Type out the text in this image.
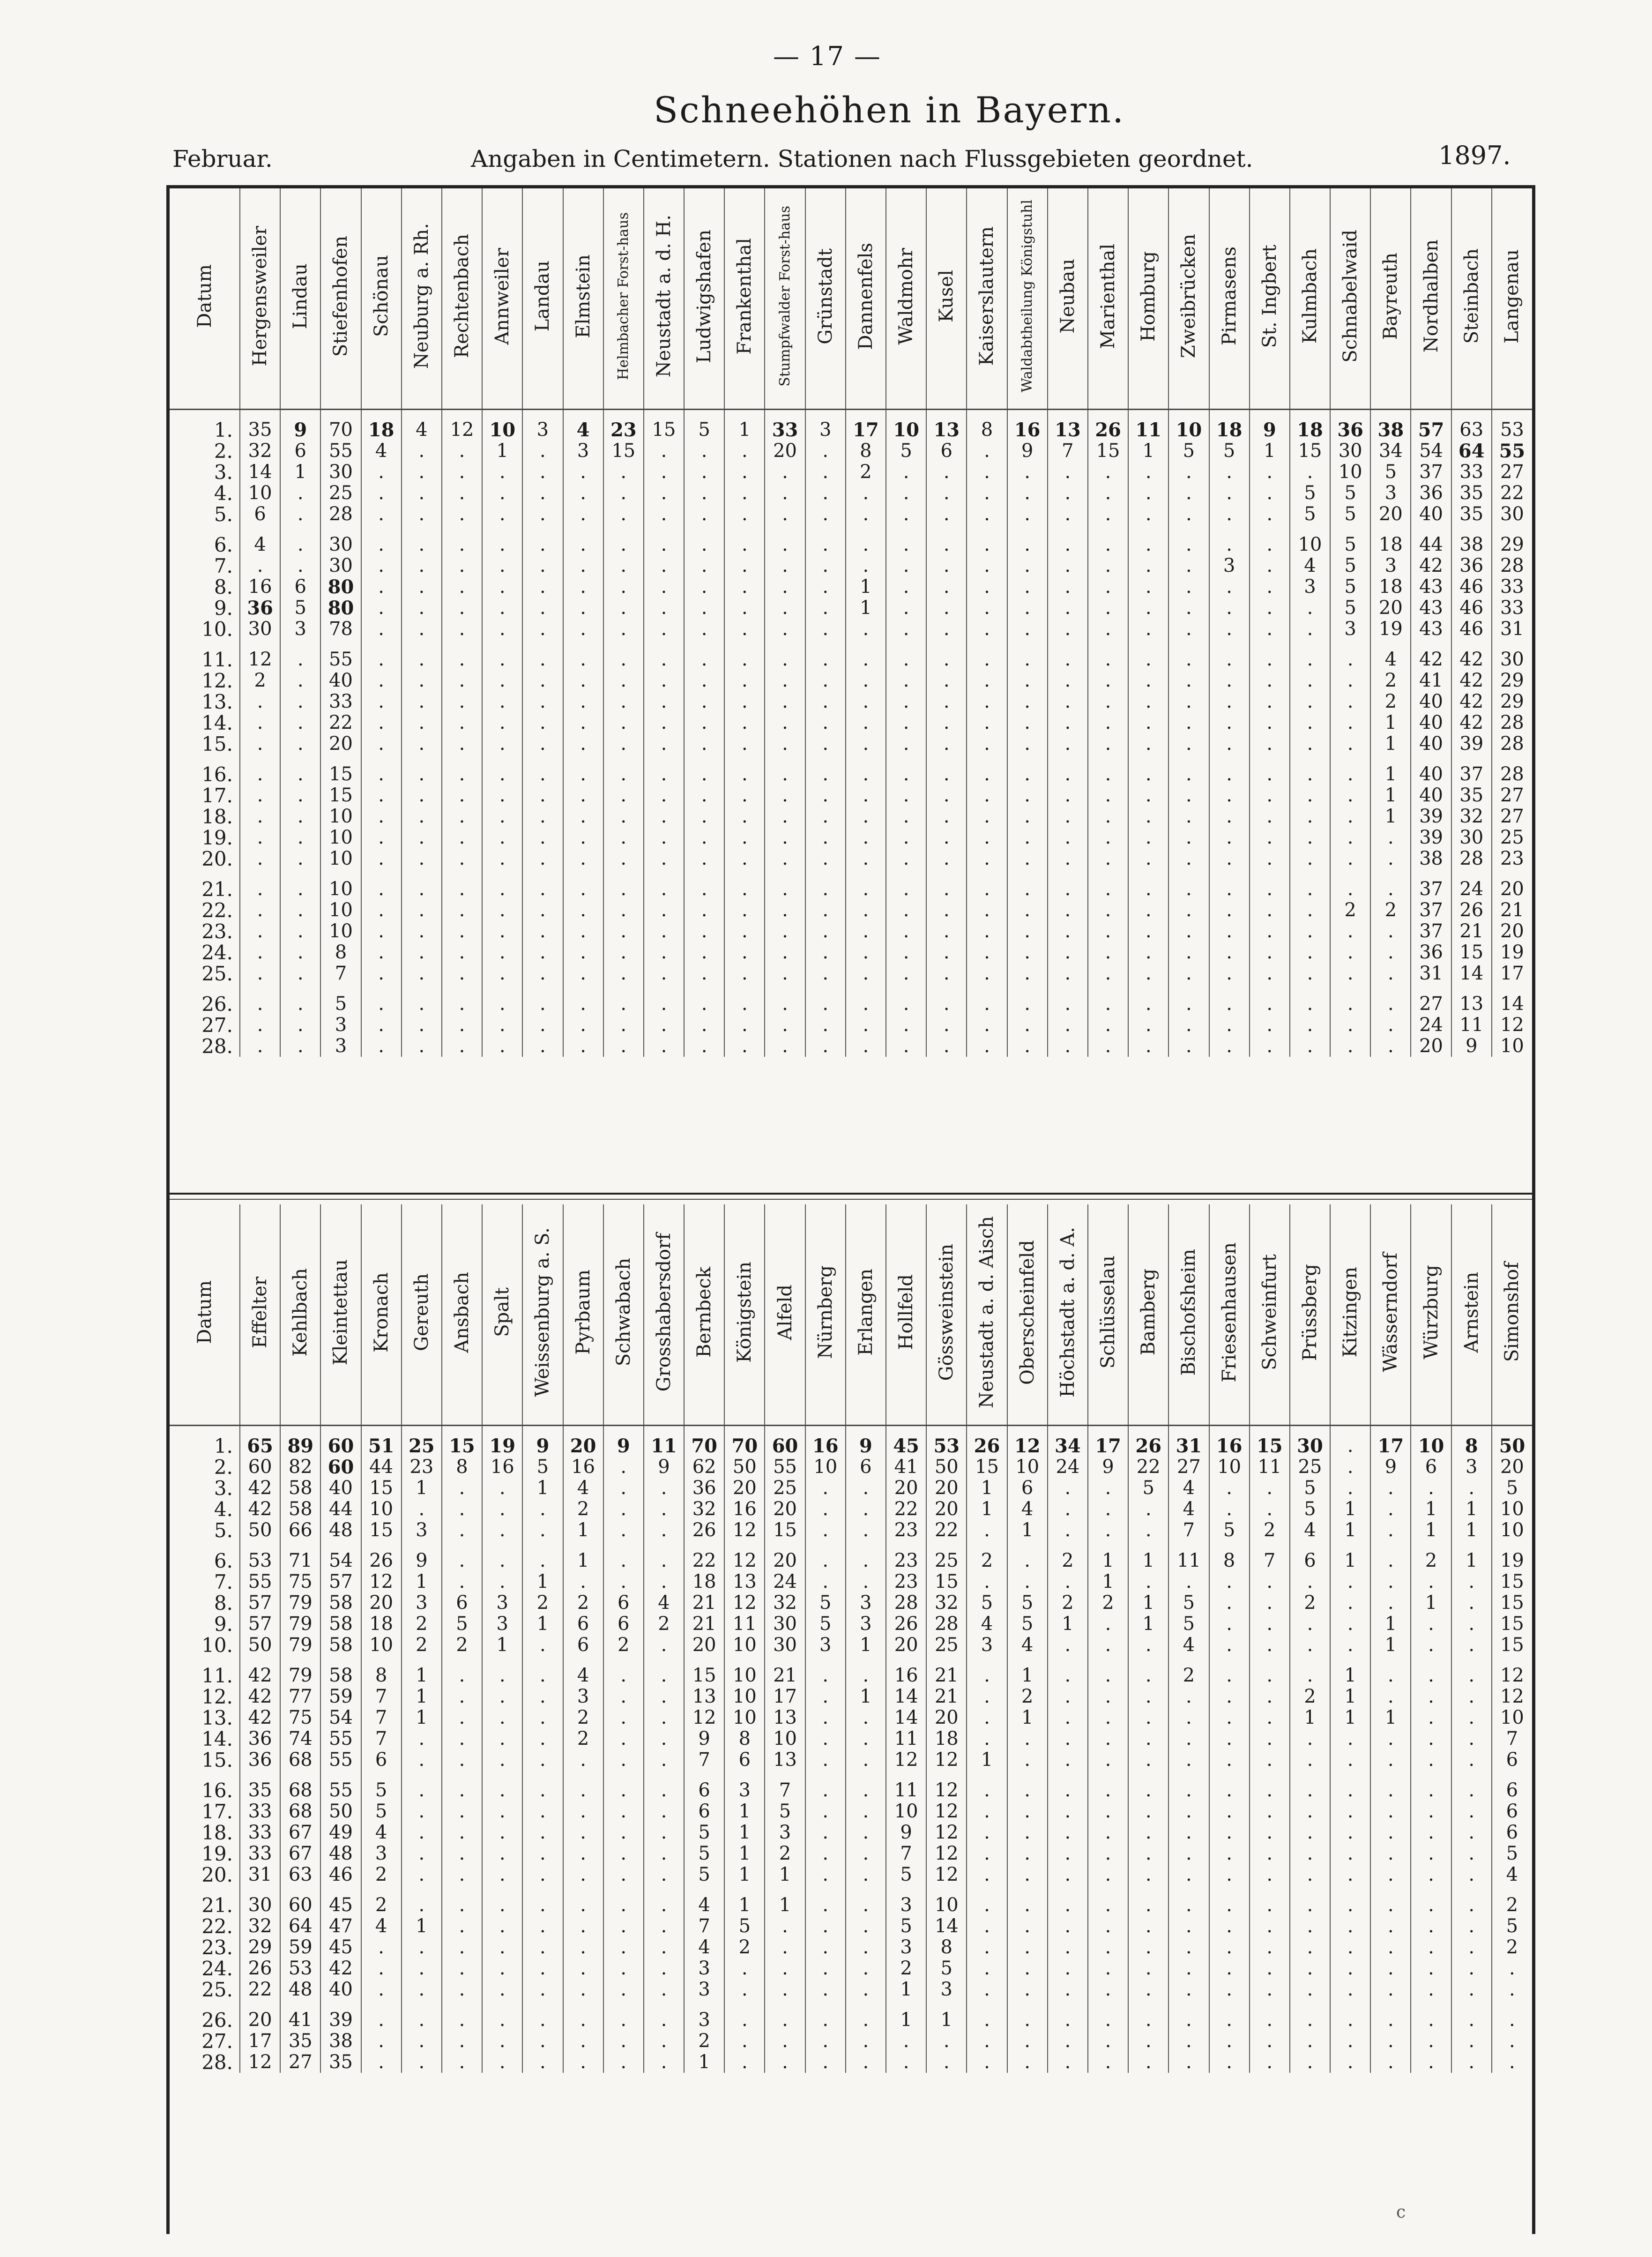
— 17 —
Schneehöhen in Bayern.
Februar.	Angaben in Centimetern. Stationen nach Flussgebieten geordnet.	1897.
Datum	Hergensweiler	Lindau	Stiefenhofen	Schönau	Neuburg a. Rh.	Rechtenbach	Annweiler	Landau	Elmstein	Helmbacher Forst-haus	Neustadt a. d. H.	Ludwigshafen	Frankenthal	Stumpfwalder Forst-haus	Grünstadt	Dannenfels	Waldmohr	Kusel	Kaiserslautern	Waldabtheilung Königstuhl	Neubau	Marienthal	Homburg	Zweibrücken	Pirmasens	St. Ingbert	Kulmbach	Schnabelwaid	Bayreuth	Nordhalben	Steinbach	Langenau

1.	35	9	70	18	4	12	10	3	4	23	15	5	1	33	3	17	10	13	8	16	13	26	11	10	18	9	18	36	38	57	63	53
2.	32	6	55	4	.	.	1	.	3	15	.	.	.	20	.	8	5	6	.	9	7	15	1	5	5	1	15	30	34	54	64	55
3.	14	1	30	.	.	.	.	.	.	.	.	.	.	.	.	2	.	.	.	.	.	.	.	.	.	.	.	10	5	37	33	27
4.	10	.	25	.	.	.	.	.	.	.	.	.	.	.	.	.	.	.	.	.	.	.	.	.	.	.	5	5	3	36	35	22
5.	6	.	28	.	.	.	.	.	.	.	.	.	.	.	.	.	.	.	.	.	.	.	.	.	.	.	5	5	20	40	35	30

6.	4	.	30	.	.	.	.	.	.	.	.	.	.	.	.	.	.	.	.	.	.	.	.	.	.	.	10	5	18	44	38	29
7.	.	.	30	.	.	.	.	.	.	.	.	.	.	.	.	.	.	.	.	.	.	.	.	.	3	.	4	5	3	42	36	28
8.	16	6	80	.	.	.	.	.	.	.	.	.	.	.	.	1	.	.	.	.	.	.	.	.	.	.	3	5	18	43	46	33
9.	36	5	80	.	.	.	.	.	.	.	.	.	.	.	.	1	.	.	.	.	.	.	.	.	.	.	.	5	20	43	46	33
10.	30	3	78	.	.	.	.	.	.	.	.	.	.	.	.	.	.	.	.	.	.	.	.	.	.	.	.	3	19	43	46	31

11.	12	.	55	.	.	.	.	.	.	.	.	.	.	.	.	.	.	.	.	.	.	.	.	.	.	.	.	.	4	42	42	30
12.	2	.	40	.	.	.	.	.	.	.	.	.	.	.	.	.	.	.	.	.	.	.	.	.	.	.	.	.	2	41	42	29
13.	.	.	33	.	.	.	.	.	.	.	.	.	.	.	.	.	.	.	.	.	.	.	.	.	.	.	.	.	2	40	42	29
14.	.	.	22	.	.	.	.	.	.	.	.	.	.	.	.	.	.	.	.	.	.	.	.	.	.	.	.	.	1	40	42	28
15.	.	.	20	.	.	.	.	.	.	.	.	.	.	.	.	.	.	.	.	.	.	.	.	.	.	.	.	.	1	40	39	28

16.	.	.	15	.	.	.	.	.	.	.	.	.	.	.	.	.	.	.	.	.	.	.	.	.	.	.	.	.	1	40	37	28
17.	.	.	15	.	.	.	.	.	.	.	.	.	.	.	.	.	.	.	.	.	.	.	.	.	.	.	.	.	1	40	35	27
18.	.	.	10	.	.	.	.	.	.	.	.	.	.	.	.	.	.	.	.	.	.	.	.	.	.	.	.	.	1	39	32	27
19.	.	.	10	.	.	.	.	.	.	.	.	.	.	.	.	.	.	.	.	.	.	.	.	.	.	.	.	.	.	39	30	25
20.	.	.	10	.	.	.	.	.	.	.	.	.	.	.	.	.	.	.	.	.	.	.	.	.	.	.	.	.	.	38	28	23

21.	.	.	10	.	.	.	.	.	.	.	.	.	.	.	.	.	.	.	.	.	.	.	.	.	.	.	.	.	.	37	24	20
22.	.	.	10	.	.	.	.	.	.	.	.	.	.	.	.	.	.	.	.	.	.	.	.	.	.	.	.	2	2	37	26	21
23.	.	.	10	.	.	.	.	.	.	.	.	.	.	.	.	.	.	.	.	.	.	.	.	.	.	.	.	.	.	37	21	20
24.	.	.	8	.	.	.	.	.	.	.	.	.	.	.	.	.	.	.	.	.	.	.	.	.	.	.	.	.	.	36	15	19
25.	.	.	7	.	.	.	.	.	.	.	.	.	.	.	.	.	.	.	.	.	.	.	.	.	.	.	.	.	.	31	14	17

26.	.	.	5	.	.	.	.	.	.	.	.	.	.	.	.	.	.	.	.	.	.	.	.	.	.	.	.	.	.	27	13	14
27.	.	.	3	.	.	.	.	.	.	.	.	.	.	.	.	.	.	.	.	.	.	.	.	.	.	.	.	.	.	24	11	12
28.	.	.	3	.	.	.	.	.	.	.	.	.	.	.	.	.	.	.	.	.	.	.	.	.	.	.	.	.	.	20	9	10
Datum	Effelter	Kehlbach	Kleintettau	Kronach	Gereuth	Ansbach	Spalt	Weissenburg a. S.	Pyrbaum	Schwabach	Grosshabersdorf	Bernbeck	Königstein	Alfeld	Nürnberg	Erlangen	Hollfeld	Gössweinstein	Neustadt a. d. Aisch	Oberscheinfeld	Höchstadt a. d. A.	Schlüsselau	Bamberg	Bischofsheim	Friesenhausen	Schweinfurt	Prüssberg	Kitzingen	Wässerndorf	Würzburg	Arnstein	Simonshof

1.	65	89	60	51	25	15	19	9	20	9	11	70	70	60	16	9	45	53	26	12	34	17	26	31	16	15	30	.	17	10	8	50
2.	60	82	60	44	23	8	16	5	16	.	9	62	50	55	10	6	41	50	15	10	24	9	22	27	10	11	25	.	9	6	3	20
3.	42	58	40	15	1	.	.	1	4	.	.	36	20	25	.	.	20	20	1	6	.	.	5	4	.	.	5	.	.	.	.	5
4.	42	58	44	10	.	.	.	.	2	.	.	32	16	20	.	.	22	20	1	4	.	.	.	4	.	.	5	1	.	1	1	10
5.	50	66	48	15	3	.	.	.	1	.	.	26	12	15	.	.	23	22	.	1	.	.	.	7	5	2	4	1	.	1	1	10

6.	53	71	54	26	9	.	.	.	1	.	.	22	12	20	.	.	23	25	2	.	2	1	1	11	8	7	6	1	.	2	1	19
7.	55	75	57	12	1	.	.	1	.	.	.	18	13	24	.	.	23	15	.	.	.	1	.	.	.	.	.	.	.	.	.	15
8.	57	79	58	20	3	6	3	2	2	6	4	21	12	32	5	3	28	32	5	5	2	2	1	5	.	.	2	.	.	1	.	15
9.	57	79	58	18	2	5	3	1	6	6	2	21	11	30	5	3	26	28	4	5	1	.	1	5	.	.	.	.	1	.	.	15
10.	50	79	58	10	2	2	1	.	6	2	.	20	10	30	3	1	20	25	3	4	.	.	.	4	.	.	.	.	1	.	.	15

11.	42	79	58	8	1	.	.	.	4	.	.	15	10	21	.	.	16	21	.	1	.	.	.	2	.	.	.	1	.	.	.	12
12.	42	77	59	7	1	.	.	.	3	.	.	13	10	17	.	1	14	21	.	2	.	.	.	.	.	.	2	1	.	.	.	12
13.	42	75	54	7	1	.	.	.	2	.	.	12	10	13	.	.	14	20	.	1	.	.	.	.	.	.	1	1	1	.	.	10
14.	36	74	55	7	.	.	.	.	2	.	.	9	8	10	.	.	11	18	.	.	.	.	.	.	.	.	.	.	.	.	.	7
15.	36	68	55	6	.	.	.	.	.	.	.	7	6	13	.	.	12	12	1	.	.	.	.	.	.	.	.	.	.	.	.	6

16.	35	68	55	5	.	.	.	.	.	.	.	6	3	7	.	.	11	12	.	.	.	.	.	.	.	.	.	.	.	.	.	6
17.	33	68	50	5	.	.	.	.	.	.	.	6	1	5	.	.	10	12	.	.	.	.	.	.	.	.	.	.	.	.	.	6
18.	33	67	49	4	.	.	.	.	.	.	.	5	1	3	.	.	9	12	.	.	.	.	.	.	.	.	.	.	.	.	.	6
19.	33	67	48	3	.	.	.	.	.	.	.	5	1	2	.	.	7	12	.	.	.	.	.	.	.	.	.	.	.	.	.	5
20.	31	63	46	2	.	.	.	.	.	.	.	5	1	1	.	.	5	12	.	.	.	.	.	.	.	.	.	.	.	.	.	4

21.	30	60	45	2	.	.	.	.	.	.	.	4	1	1	.	.	3	10	.	.	.	.	.	.	.	.	.	.	.	.	.	2
22.	32	64	47	4	1	.	.	.	.	.	.	7	5	.	.	.	5	14	.	.	.	.	.	.	.	.	.	.	.	.	.	5
23.	29	59	45	.	.	.	.	.	.	.	.	4	2	.	.	.	3	8	.	.	.	.	.	.	.	.	.	.	.	.	.	2
24.	26	53	42	.	.	.	.	.	.	.	.	3	.	.	.	.	2	5	.	.	.	.	.	.	.	.	.	.	.	.	.	.
25.	22	48	40	.	.	.	.	.	.	.	.	3	.	.	.	.	1	3	.	.	.	.	.	.	.	.	.	.	.	.	.	.

26.	20	41	39	.	.	.	.	.	.	.	.	3	.	.	.	.	1	1	.	.	.	.	.	.	.	.	.	.	.	.	.	.
27.	17	35	38	.	.	.	.	.	.	.	.	2	.	.	.	.	.	.	.	.	.	.	.	.	.	.	.	.	.	.	.	.
28.	12	27	35	.	.	.	.	.	.	.	.	1	.	.	.	.	.	.	.	.	.	.	.	.	.	.	.	.	.	.	.	.
c
